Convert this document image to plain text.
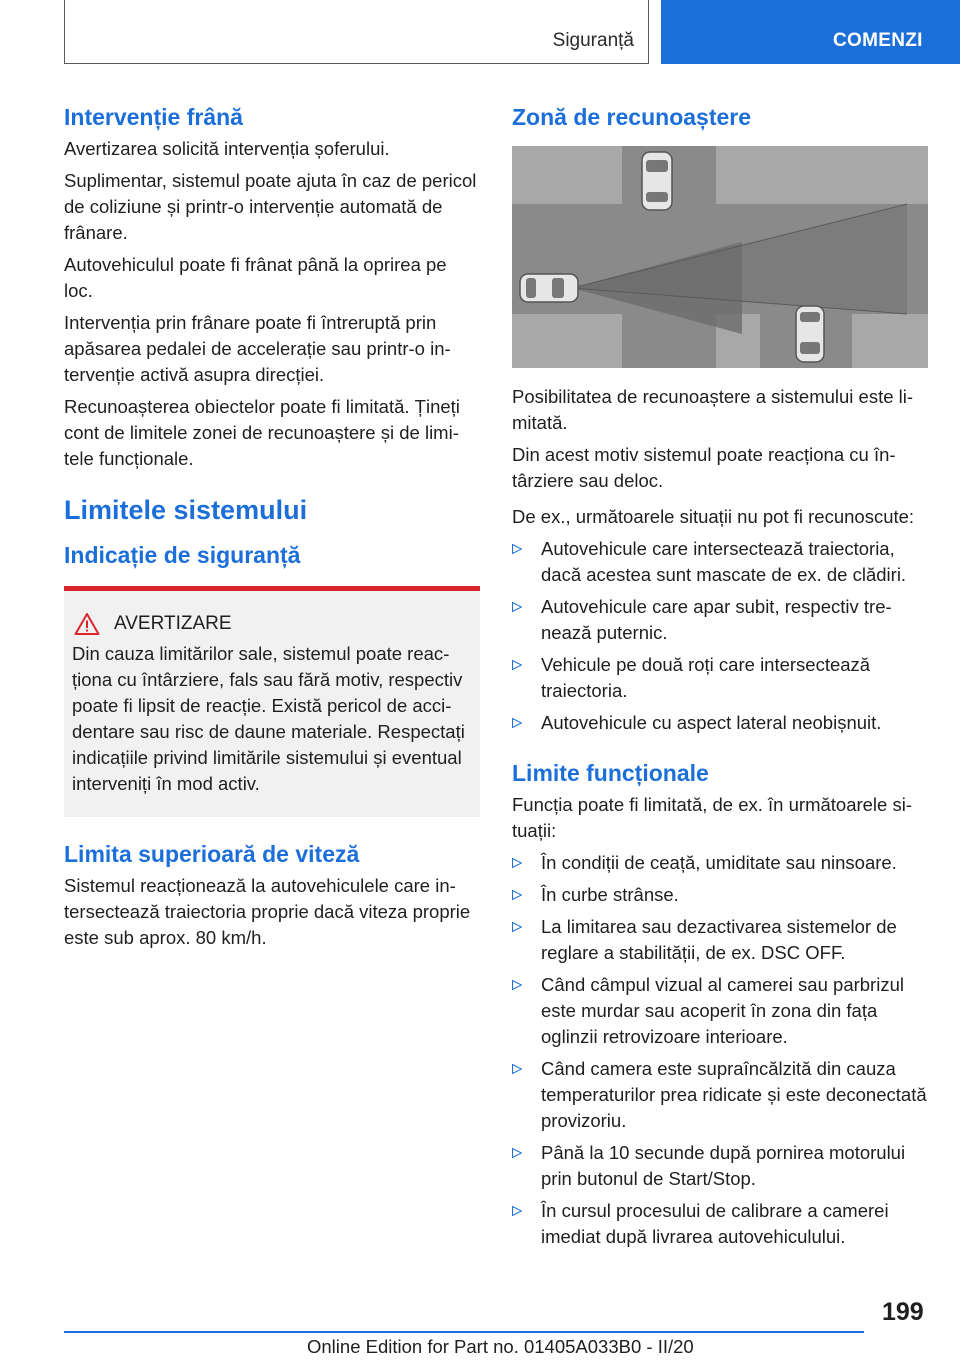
Siguranță	COMENZI
Intervenție frână

Avertizarea solicită intervenția șoferului.

Suplimentar, sistemul poate ajuta în caz de pericol de coliziune și printr-o intervenție automată de frânare.

Autovehiculul poate fi frânat până la oprirea pe loc.

Intervenția prin frânare poate fi întreruptă prin apăsarea pedalei de accelerație sau printr-o intervenție activă asupra direcției.

Recunoașterea obiectelor poate fi limitată. Țineți cont de limitele zonei de recunoaștere și de limitele funcționale.

Limitele sistemului
Indicație de siguranță
AVERTIZARE

Din cauza limitărilor sale, sistemul poate reacționa cu întârziere, fals sau fără motiv, respectiv poate fi lipsit de reacție. Există pericol de accidentare sau risc de daune materiale. Respectați indicațiile privind limitările sistemului și eventual interveniți în mod activ.

Limita superioară de viteză

Sistemul reacționează la autovehiculele care intersectează traiectoria proprie dacă viteza proprie este sub aprox. 80 km/h.

Zonă de recunoaștere

Posibilitatea de recunoaștere a sistemului este limitată.

Din acest motiv sistemul poate reacționa cu întârziere sau deloc.

De ex., următoarele situații nu pot fi recunoscute:

Autovehicule care intersectează traiectoria, dacă acestea sunt mascate de ex. de clădiri.
Autovehicule care apar subit, respectiv trenează puternic.
Vehicule pe două roți care intersectează traiectoria.
Autovehicule cu aspect lateral neobișnuit.
Limite funcționale

Funcția poate fi limitată, de ex. în următoarele situații:

În condiții de ceață, umiditate sau ninsoare.
În curbe strânse.
La limitarea sau dezactivarea sistemelor de reglare a stabilității, de ex. DSC OFF.
Când câmpul vizual al camerei sau parbrizul este murdar sau acoperit în zona din fața oglinzii retrovizoare interioare.
Când camera este supraîncălzită din cauza temperaturilor prea ridicate și este deconectată provizoriu.
Până la 10 secunde după pornirea motorului prin butonul de Start/Stop.
În cursul procesului de calibrare a camerei imediat după livrarea autovehiculului.
199
Online Edition for Part no. 01405A033B0 - II/20
